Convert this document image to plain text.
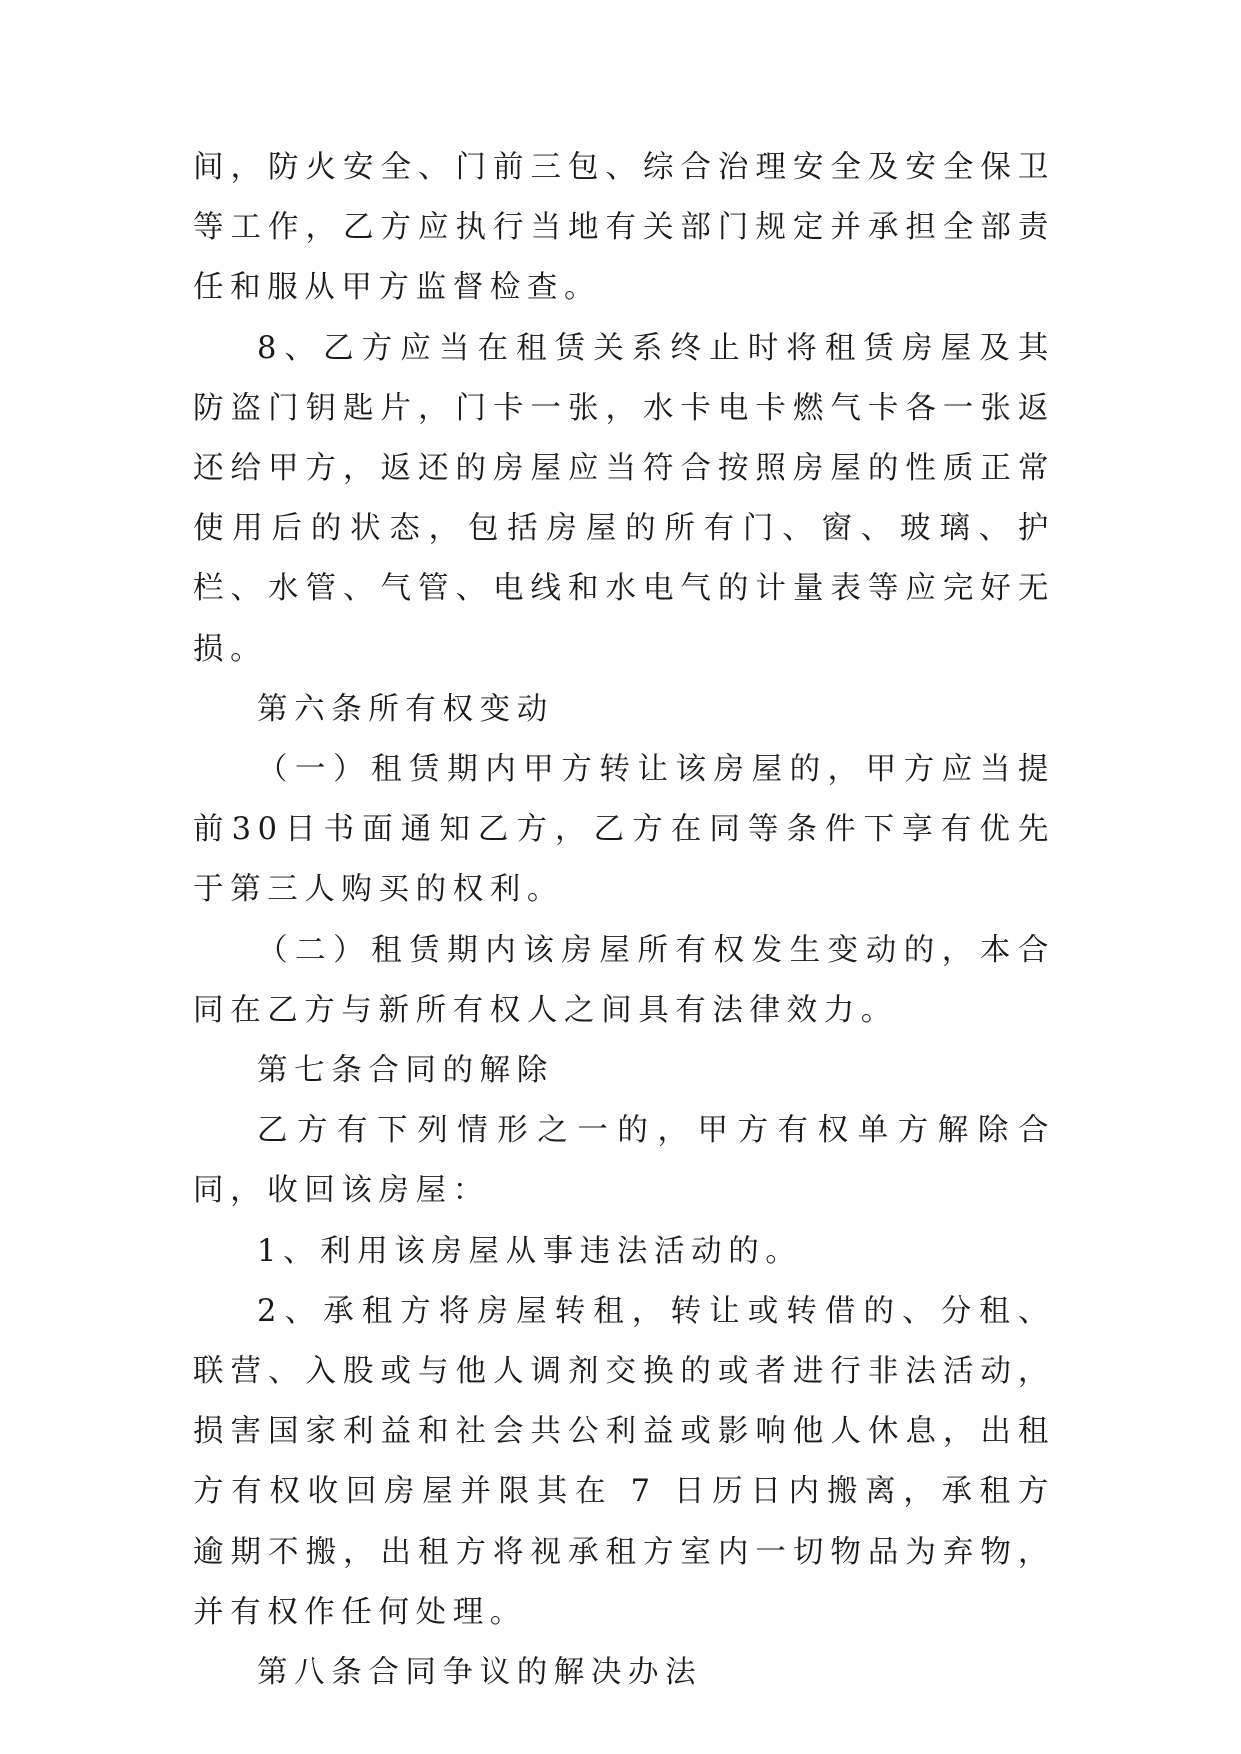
间，防火安全、门前三包、综合治理安全及安全保卫等工作，乙方应执行当地有关部门规定并承担全部责任和服从甲方监督检查。

8、乙方应当在租赁关系终止时将租赁房屋及其防盗门钥匙片，门卡一张，水卡电卡燃气卡各一张返还给甲方，返还的房屋应当符合按照房屋的性质正常使用后的状态，包括房屋的所有门、窗、玻璃、护栏、水管、气管、电线和水电气的计量表等应完好无损。

第六条所有权变动

（一）租赁期内甲方转让该房屋的，甲方应当提前30日书面通知乙方，乙方在同等条件下享有优先于第三人购买的权利。

（二）租赁期内该房屋所有权发生变动的，本合同在乙方与新所有权人之间具有法律效力。

第七条合同的解除

乙方有下列情形之一的，甲方有权单方解除合同，收回该房屋：

1、利用该房屋从事违法活动的。

2、承租方将房屋转租，转让或转借的、分租、联营、入股或与他人调剂交换的或者进行非法活动，损害国家利益和社会共公利益或影响他人休息，出租方有权收回房屋并限其在 7 日历日内搬离，承租方逾期不搬，出租方将视承租方室内一切物品为弃物，并有权作任何处理。

第八条合同争议的解决办法
